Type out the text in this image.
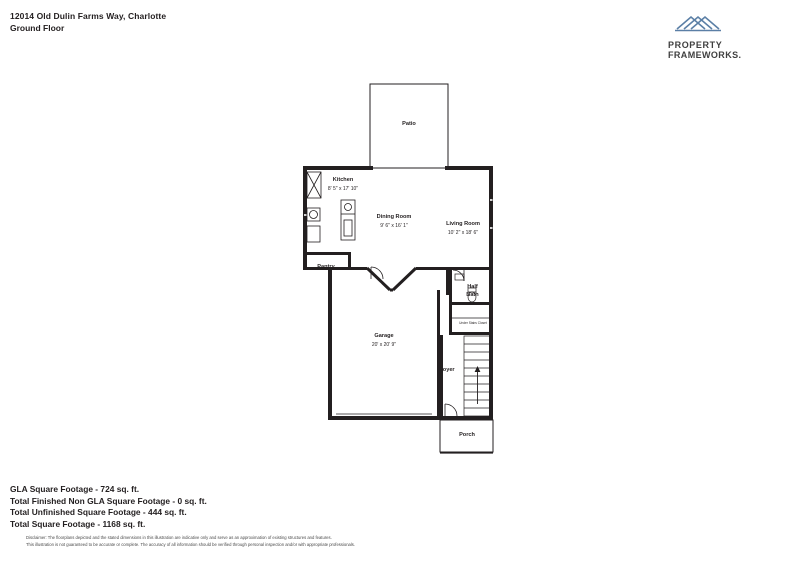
12014 Old Dulin Farms Way, Charlotte
Ground Floor
PROPERTY
FRAMEWORKS.
Patio
Kitchen
8' 5" x 17' 10"
Dining Room
9' 6" x 16' 1"	Living Room
10' 2" x 18' 6"
Pantry
Half
Bath
Under Stairs Closet
Garage
20' x 20' 9"
Foyer
Porch
GLA Square Footage - 724 sq. ft.
Total Finished Non GLA Square Footage - 0 sq. ft.
Total Unfinished Square Footage - 444 sq. ft.
Total Square Footage - 1168 sq. ft.
Disclaimer: The floorplans depicted and the stated dimensions in this illustration are indicative only and serve as an approximation of existing structures and features.
This illustration is not guaranteed to be accurate or complete. The accuracy of all information should be verified through personal inspection and/or with appropriate professionals.
